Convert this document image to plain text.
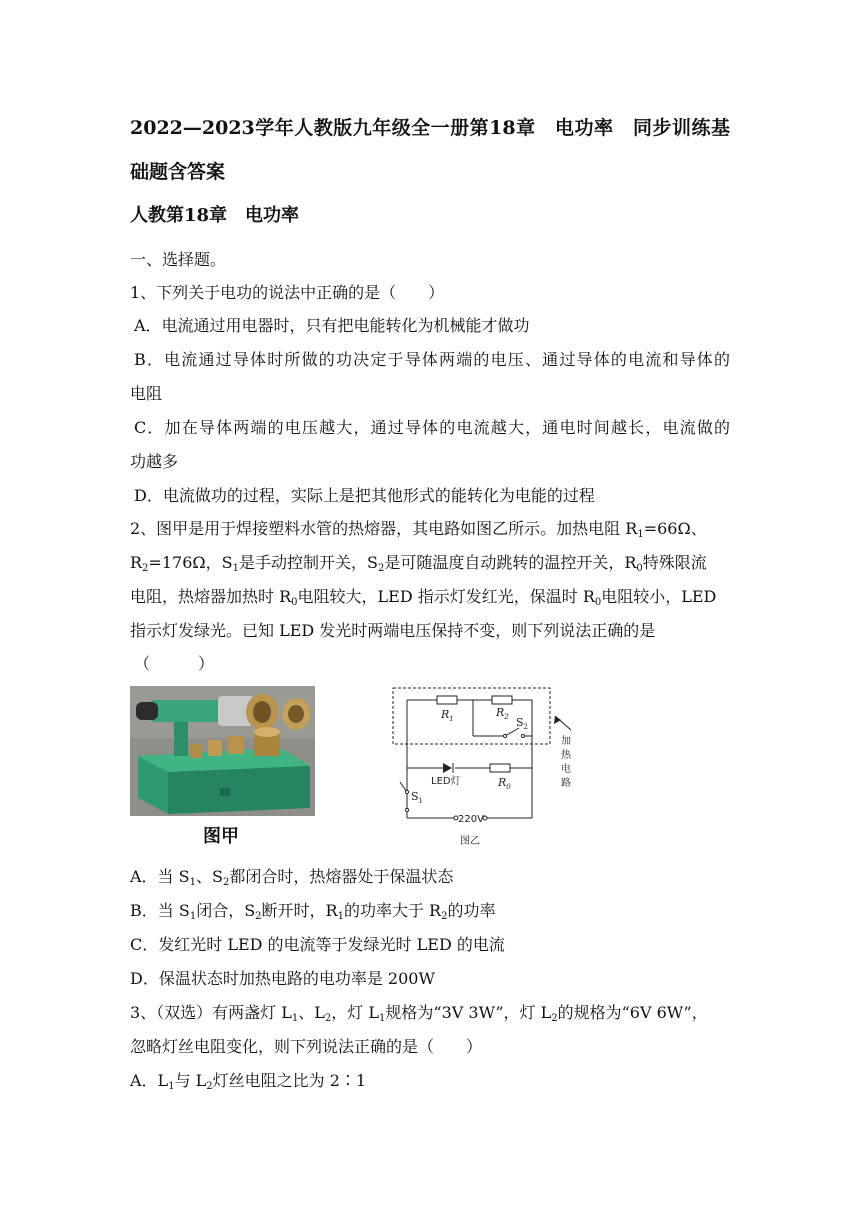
2022—2023学年人教版九年级全一册第18章　电功率　同步训练基
础题含答案
人教第18章　电功率
一、选择题。
1、下列关于电功的说法中正确的是（　　）
A．电流通过用电器时，只有把电能转化为机械能才做功
B．电流通过导体时所做的功决定于导体两端的电压、通过导体的电流和导体的
电阻
C．加在导体两端的电压越大，通过导体的电流越大，通电时间越长，电流做的
功越多
D．电流做功的过程，实际上是把其他形式的能转化为电能的过程
2、图甲是用于焊接塑料水管的热熔器，其电路如图乙所示。加热电阻 $R_1=66\Omega$、
$R_2=176\Omega$，$S_1$是手动控制开关，$S_2$是可随温度自动跳转的温控开关，$R_0$特殊限流
电阻，热熔器加热时 $R_0$电阻较大，LED 指示灯发红光，保温时 $R_0$电阻较小，LED
指示灯发绿光。已知 LED 发光时两端电压保持不变，则下列说法正确的是
（　　　）
图甲
$R_1$	$R_2$ $S_2$
$R_0$
$S_1$
LED灯
220V
加
热
电
路
图乙
A．当 $S_1$、$S_2$都闭合时，热熔器处于保温状态
B．当 $S_1$闭合，$S_2$断开时，$R_1$的功率大于 $R_2$的功率
C．发红光时 LED 的电流等于发绿光时 LED 的电流
D．保温状态时加热电路的电功率是 200W
3、（双选）有两盏灯 $L_1$、$L_2$，灯 $L_1$规格为“3V 3W”，灯 $L_2$的规格为“6V 6W”，
忽略灯丝电阻变化，则下列说法正确的是（　　）
A．$L_1$与 $L_2$灯丝电阻之比为 2∶1
